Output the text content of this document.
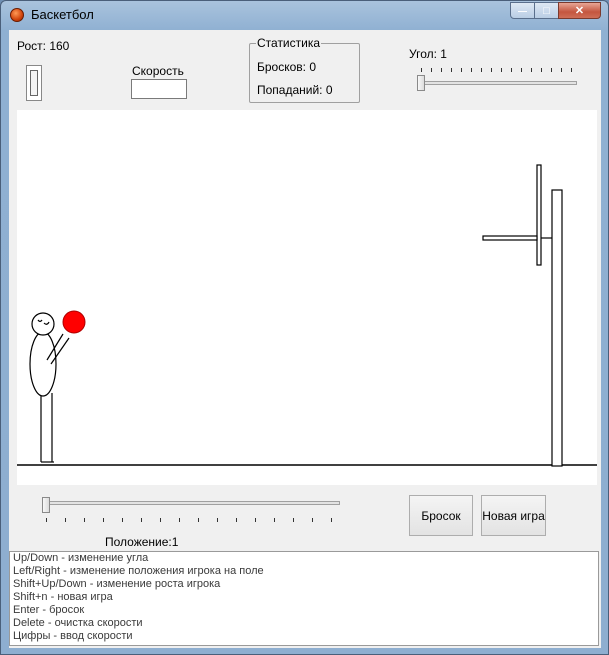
Баскетбол	—	□	✕
Рост: 160
Скорость
Статистика
Бросков: 0
Попаданий: 0
Угол: 1
Положение:1
Бросок	Новая игра
Up/Down - изменение угла
Left/Right - изменение положения игрока на поле
Shift+Up/Down - изменение роста игрока
Shift+n - новая игра
Enter - бросок
Delete - очистка скорости
Цифры - ввод скорости
